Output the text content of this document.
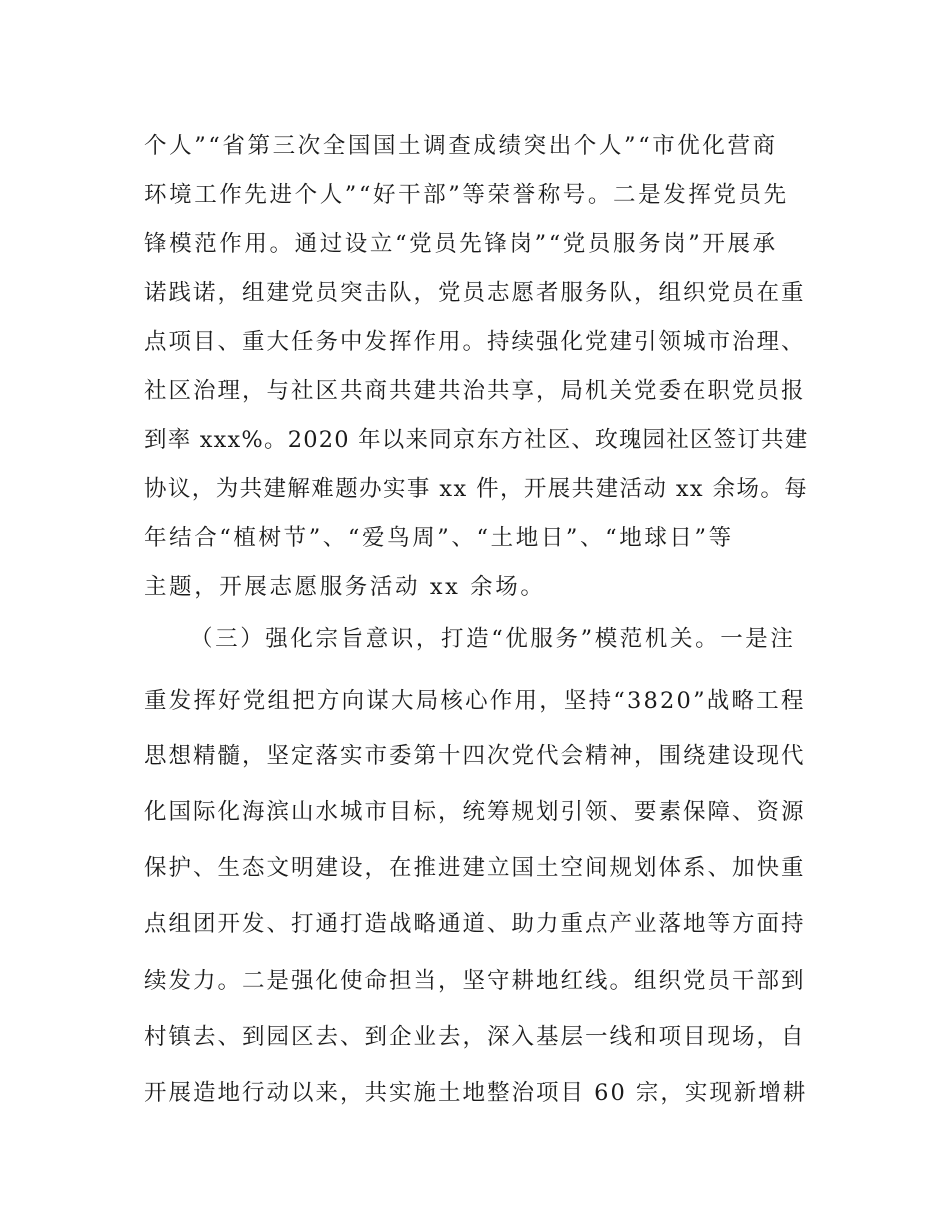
个人”“省第三次全国国土调查成绩突出个人”“市优化营商
环境工作先进个人”“好干部”等荣誉称号。二是发挥党员先
锋模范作用。通过设立“党员先锋岗”“党员服务岗”开展承
诺践诺，组建党员突击队，党员志愿者服务队，组织党员在重
点项目、重大任务中发挥作用。持续强化党建引领城市治理、
社区治理，与社区共商共建共治共享，局机关党委在职党员报
到率 xxx%。2020 年以来同京东方社区、玫瑰园社区签订共建
协议，为共建解难题办实事 xx 件，开展共建活动 xx 余场。每
年结合“植树节”、“爱鸟周”、“土地日”、“地球日”等
主题，开展志愿服务活动 xx 余场。
（三）强化宗旨意识，打造“优服务”模范机关。一是注
重发挥好党组把方向谋大局核心作用，坚持“3820”战略工程
思想精髓，坚定落实市委第十四次党代会精神，围绕建设现代
化国际化海滨山水城市目标，统筹规划引领、要素保障、资源
保护、生态文明建设，在推进建立国土空间规划体系、加快重
点组团开发、打通打造战略通道、助力重点产业落地等方面持
续发力。二是强化使命担当，坚守耕地红线。组织党员干部到
村镇去、到园区去、到企业去，深入基层一线和项目现场，自
开展造地行动以来，共实施土地整治项目 60 宗，实现新增耕
